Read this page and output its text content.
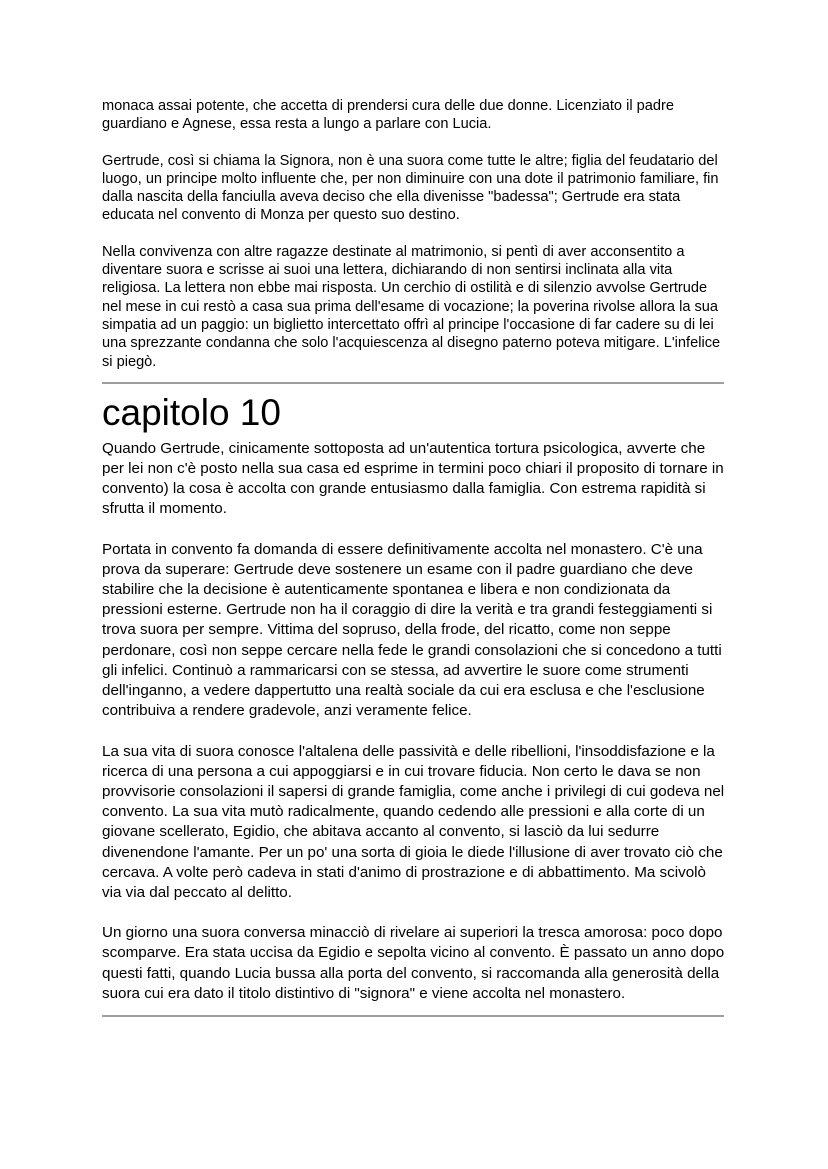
monaca assai potente, che accetta di prendersi cura delle due donne. Licenziato il padre guardiano e Agnese, essa resta a lungo a parlare con Lucia.

Gertrude, così si chiama la Signora, non è una suora come tutte le altre; figlia del feudatario del luogo, un principe molto influente che, per non diminuire con una dote il patrimonio familiare, fin dalla nascita della fanciulla aveva deciso che ella divenisse "badessa"; Gertrude era stata educata nel convento di Monza per questo suo destino.

Nella convivenza con altre ragazze destinate al matrimonio, si pentì di aver acconsentito a diventare suora e scrisse ai suoi una lettera, dichiarando di non sentirsi inclinata alla vita religiosa. La lettera non ebbe mai risposta. Un cerchio di ostilità e di silenzio avvolse Gertrude nel mese in cui restò a casa sua prima dell'esame di vocazione; la poverina rivolse allora la sua simpatia ad un paggio: un biglietto intercettato offrì al principe l'occasione di far cadere su di lei una sprezzante condanna che solo l'acquiescenza al disegno paterno poteva mitigare. L'infelice si piegò.

capitolo 10

Quando Gertrude, cinicamente sottoposta ad un'autentica tortura psicologica, avverte che per lei non c'è posto nella sua casa ed esprime in termini poco chiari il proposito di tornare in convento) la cosa è accolta con grande entusiasmo dalla famiglia. Con estrema rapidità si sfrutta il momento.

Portata in convento fa domanda di essere definitivamente accolta nel monastero. C'è una prova da superare: Gertrude deve sostenere un esame con il padre guardiano che deve stabilire che la decisione è autenticamente spontanea e libera e non condizionata da pressioni esterne. Gertrude non ha il coraggio di dire la verità e tra grandi festeggiamenti si trova suora per sempre. Vittima del sopruso, della frode, del ricatto, come non seppe perdonare, così non seppe cercare nella fede le grandi consolazioni che si concedono a tutti gli infelici. Continuò a rammaricarsi con se stessa, ad avvertire le suore come strumenti dell'inganno, a vedere dappertutto una realtà sociale da cui era esclusa e che l'esclusione contribuiva a rendere gradevole, anzi veramente felice.

La sua vita di suora conosce l'altalena delle passività e delle ribellioni, l'insoddisfazione e la ricerca di una persona a cui appoggiarsi e in cui trovare fiducia. Non certo le dava se non provvisorie consolazioni il sapersi di grande famiglia, come anche i privilegi di cui godeva nel convento. La sua vita mutò radicalmente, quando cedendo alle pressioni e alla corte di un giovane scellerato, Egidio, che abitava accanto al convento, si lasciò da lui sedurre divenendone l'amante. Per un po' una sorta di gioia le diede l'illusione di aver trovato ciò che cercava. A volte però cadeva in stati d'animo di prostrazione e di abbattimento. Ma scivolò via via dal peccato al delitto.

Un giorno una suora conversa minacciò di rivelare ai superiori la tresca amorosa: poco dopo scomparve. Era stata uccisa da Egidio e sepolta vicino al convento. È passato un anno dopo questi fatti, quando Lucia bussa alla porta del convento, si raccomanda alla generosità della suora cui era dato il titolo distintivo di "signora" e viene accolta nel monastero.
